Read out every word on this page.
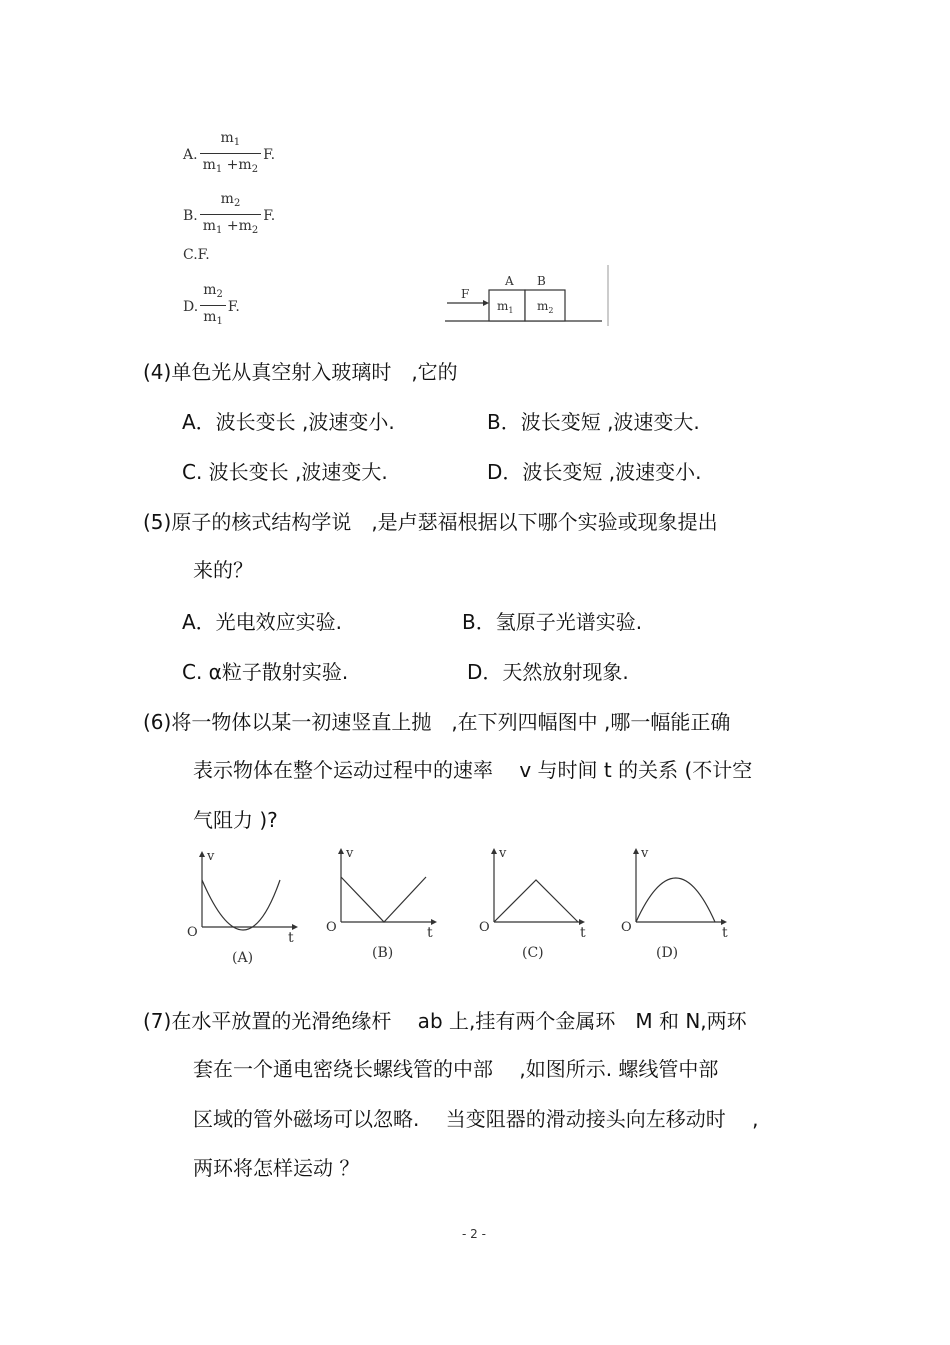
A. $\frac{m_1}{m_1 +m_2} F$.
B. $\frac{m_2}{m_1 +m_2} F$.
C.F.
D. $\frac{m_2}{m_1} F$.
F
A B
$m_1$ $m_2$
(4)单色光从真空射入玻璃时　,它的
A．波长变长 ,波速变小.	B．波长变短 ,波速变大.
C. 波长变长 ,波速变大.	D．波长变短 ,波速变小.
(5)原子的核式结构学说　,是卢瑟福根据以下哪个实验或现象提出
来的？
A．光电效应实验.	B．氢原子光谱实验.
C. α粒子散射实验.	D．天然放射现象.
(6)将一物体以某一初速竖直上抛　,在下列四幅图中 ,哪一幅能正确
表示物体在整个运动过程中的速率　 v 与时间 t 的关系 (不计空
气阻力 )?
v
t
O
(A)
v
t
O
(B)
v
t
O
(C)
v
t
O
(D)
(7)在水平放置的光滑绝缘杆　 ab 上,挂有两个金属环　M 和 N,两环
套在一个通电密绕长螺线管的中部　 ,如图所示. 螺线管中部
区域的管外磁场可以忽略.　 当变阻器的滑动接头向左移动时　 ,
两环将怎样运动 ？
- 2 -
